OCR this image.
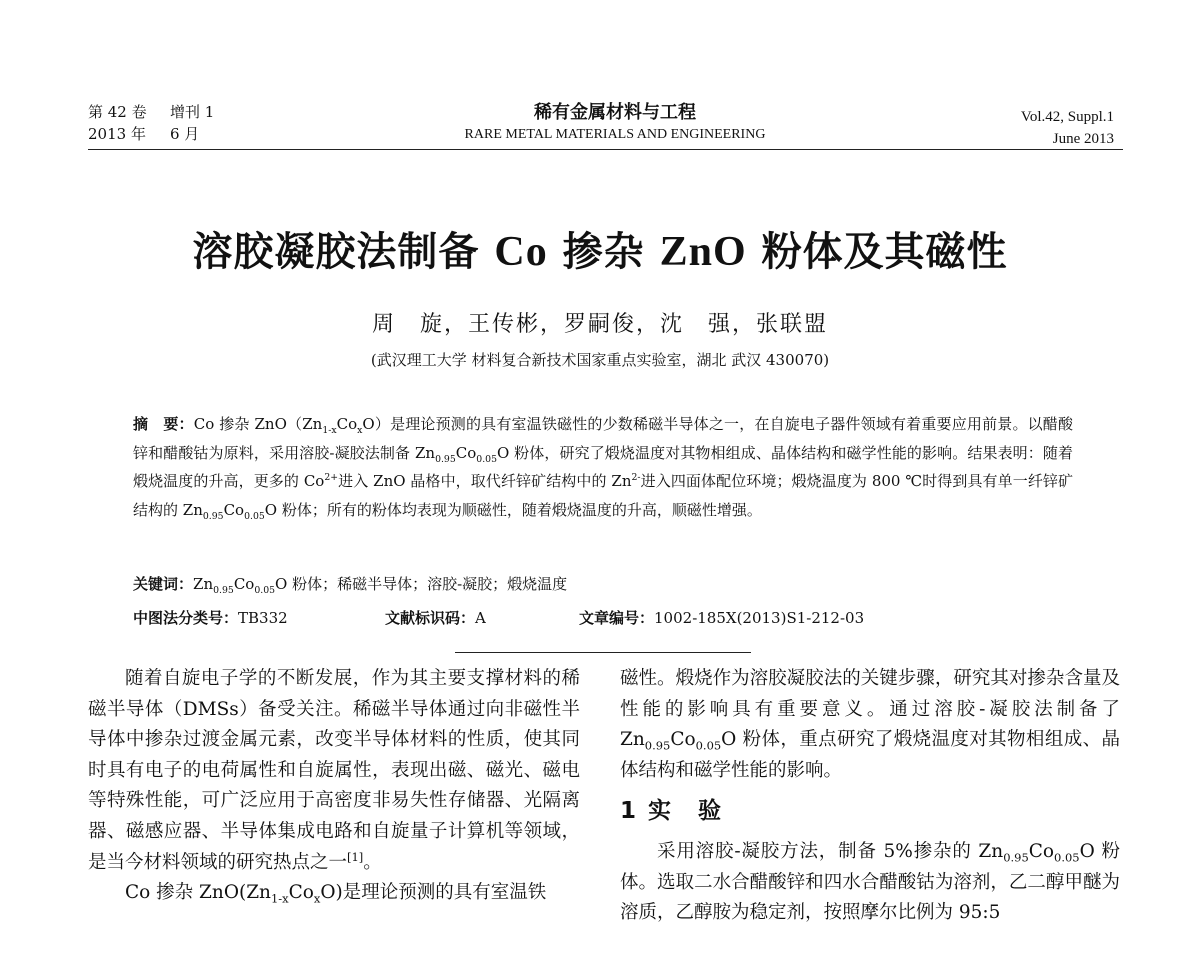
第 42 卷 增刊 1
2013 年 6 月
稀有金属材料与工程
RARE METAL MATERIALS AND ENGINEERING
Vol.42, Suppl.1
June 2013
溶胶凝胶法制备 Co 掺杂 ZnO 粉体及其磁性
周　旋，王传彬，罗嗣俊，沈　强，张联盟
(武汉理工大学 材料复合新技术国家重点实验室，湖北 武汉 430070)
摘　要：Co 掺杂 $ZnO(Zn_{1-x}Co_xO)$是理论预测的具有室温铁磁性的少数稀磁半导体之一，在自旋电子器件领域有着重要应用前景。以醋酸锌和醋酸钴为原料，采用溶胶-凝胶法制备 $Zn_{0.95}Co_{0.05}O$ 粉体，研究了煅烧温度对其物相组成、晶体结构和磁学性能的影响。结果表明：随着煅烧温度的升高，更多的 $Co^{2+}$进入 ZnO 晶格中，取代纤锌矿结构中的 $Zn^{2-}$进入四面体配位环境；煅烧温度为 800 ℃时得到具有单一纤锌矿结构的 $Zn_{0.95}Co_{0.05}O$ 粉体；所有的粉体均表现为顺磁性，随着煅烧温度的升高，顺磁性增强。
关键词：$Zn_{0.95}Co_{0.05}O$ 粉体；稀磁半导体；溶胶-凝胶；煅烧温度
中图法分类号：TB332	文献标识码：A	文章编号：1002-185X(2013)S1-212-03

随着自旋电子学的不断发展，作为其主要支撑材料的稀磁半导体（DMSs）备受关注。稀磁半导体通过向非磁性半导体中掺杂过渡金属元素，改变半导体材料的性质，使其同时具有电子的电荷属性和自旋属性，表现出磁、磁光、磁电等特殊性能，可广泛应用于高密度非易失性存储器、光隔离器、磁感应器、半导体集成电路和自旋量子计算机等领域，是当今材料领域的研究热点之一[1]。

Co 掺杂 $ZnO(Zn_{1-x}Co_xO)$是理论预测的具有室温铁

磁性。煅烧作为溶胶凝胶法的关键步骤，研究其对掺杂含量及性能的影响具有重要意义。通过溶胶-凝胶法制备了 $Zn_{0.95}Co_{0.05}O$ 粉体，重点研究了煅烧温度对其物相组成、晶体结构和磁学性能的影响。

1 实　验

采用溶胶-凝胶方法，制备 5%掺杂的 $Zn_{0.95}Co_{0.05}O$ 粉体。选取二水合醋酸锌和四水合醋酸钴为溶剂，乙二醇甲醚为溶质，乙醇胺为稳定剂，按照摩尔比例为 95:5
